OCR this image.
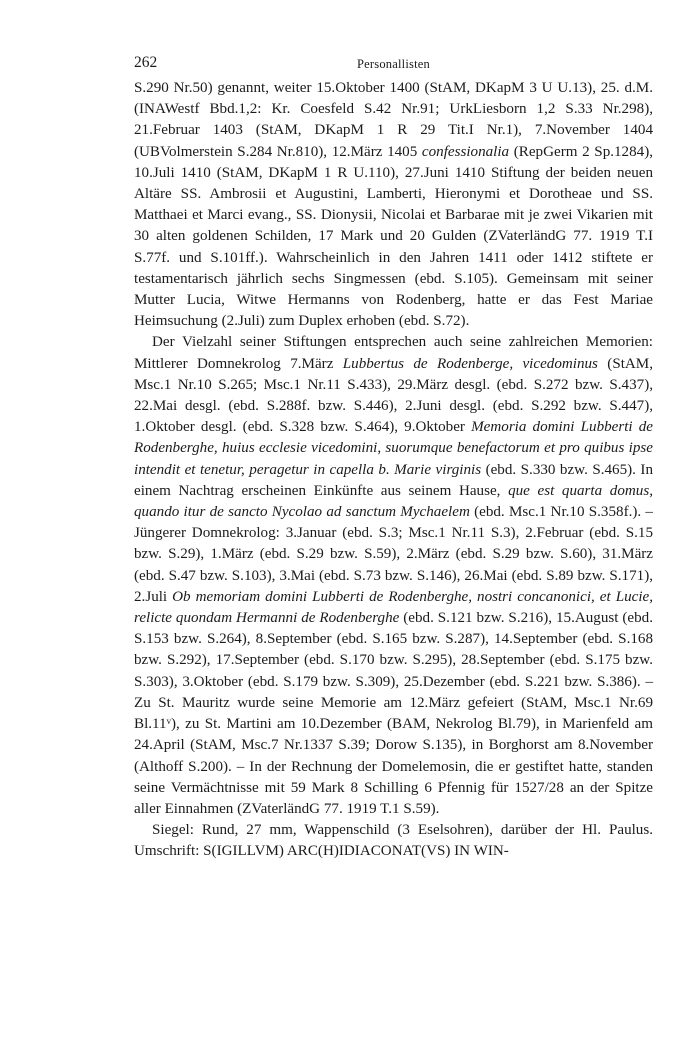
262	Personallisten

S.290 Nr.50) genannt, weiter 15.Oktober 1400 (StAM, DKapM 3 U U.13), 25. d.M. (INAWestf Bbd.1,2: Kr. Coesfeld S.42 Nr.91; UrkLiesborn 1,2 S.33 Nr.298), 21.Februar 1403 (StAM, DKapM 1 R 29 Tit.I Nr.1), 7.November 1404 (UBVolmerstein S.284 Nr.810), 12.März 1405 confessionalia (RepGerm 2 Sp.1284), 10.Juli 1410 (StAM, DKapM 1 R U.110), 27.Juni 1410 Stiftung der beiden neuen Altäre SS. Ambrosii et Augustini, Lamberti, Hieronymi et Dorotheae und SS. Matthaei et Marci evang., SS. Dionysii, Nicolai et Barbarae mit je zwei Vikarien mit 30 alten goldenen Schilden, 17 Mark und 20 Gulden (ZVaterländG 77. 1919 T.I S.77f. und S.101ff.). Wahrscheinlich in den Jahren 1411 oder 1412 stiftete er testamentarisch jährlich sechs Singmessen (ebd. S.105). Gemeinsam mit seiner Mutter Lucia, Witwe Hermanns von Rodenberg, hatte er das Fest Mariae Heimsuchung (2.Juli) zum Duplex erhoben (ebd. S.72).

Der Vielzahl seiner Stiftungen entsprechen auch seine zahlreichen Memorien: Mittlerer Domnekrolog 7.März Lubbertus de Rodenberge, vicedominus (StAM, Msc.1 Nr.10 S.265; Msc.1 Nr.11 S.433), 29.März desgl. (ebd. S.272 bzw. S.437), 22.Mai desgl. (ebd. S.288f. bzw. S.446), 2.Juni desgl. (ebd. S.292 bzw. S.447), 1.Oktober desgl. (ebd. S.328 bzw. S.464), 9.Oktober Memoria domini Lubberti de Rodenberghe, huius ecclesie vicedomini, suorumque benefactorum et pro quibus ipse intendit et tenetur, peragetur in capella b. Marie virginis (ebd. S.330 bzw. S.465). In einem Nachtrag erscheinen Einkünfte aus seinem Hause, que est quarta domus, quando itur de sancto Nycolao ad sanctum Mychaelem (ebd. Msc.1 Nr.10 S.358f.). – Jüngerer Domnekrolog: 3.Januar (ebd. S.3; Msc.1 Nr.11 S.3), 2.Februar (ebd. S.15 bzw. S.29), 1.März (ebd. S.29 bzw. S.59), 2.März (ebd. S.29 bzw. S.60), 31.März (ebd. S.47 bzw. S.103), 3.Mai (ebd. S.73 bzw. S.146), 26.Mai (ebd. S.89 bzw. S.171), 2.Juli Ob memoriam domini Lubberti de Rodenberghe, nostri concanonici, et Lucie, relicte quondam Hermanni de Rodenberghe (ebd. S.121 bzw. S.216), 15.August (ebd. S.153 bzw. S.264), 8.September (ebd. S.165 bzw. S.287), 14.September (ebd. S.168 bzw. S.292), 17.September (ebd. S.170 bzw. S.295), 28.September (ebd. S.175 bzw. S.303), 3.Oktober (ebd. S.179 bzw. S.309), 25.Dezember (ebd. S.221 bzw. S.386). – Zu St. Mauritz wurde seine Memorie am 12.März gefeiert (StAM, Msc.1 Nr.69 Bl.11ᵛ), zu St. Martini am 10.Dezember (BAM, Nekrolog Bl.79), in Marienfeld am 24.April (StAM, Msc.7 Nr.1337 S.39; Dorow S.135), in Borghorst am 8.November (Althoff S.200). – In der Rechnung der Domelemosin, die er gestiftet hatte, standen seine Vermächtnisse mit 59 Mark 8 Schilling 6 Pfennig für 1527/28 an der Spitze aller Einnahmen (ZVaterländG 77. 1919 T.1 S.59).

Siegel: Rund, 27 mm, Wappenschild (3 Eselsohren), darüber der Hl. Paulus. Umschrift: S(IGILLVM) ARC(H)IDIACONAT(VS) IN WIN-
